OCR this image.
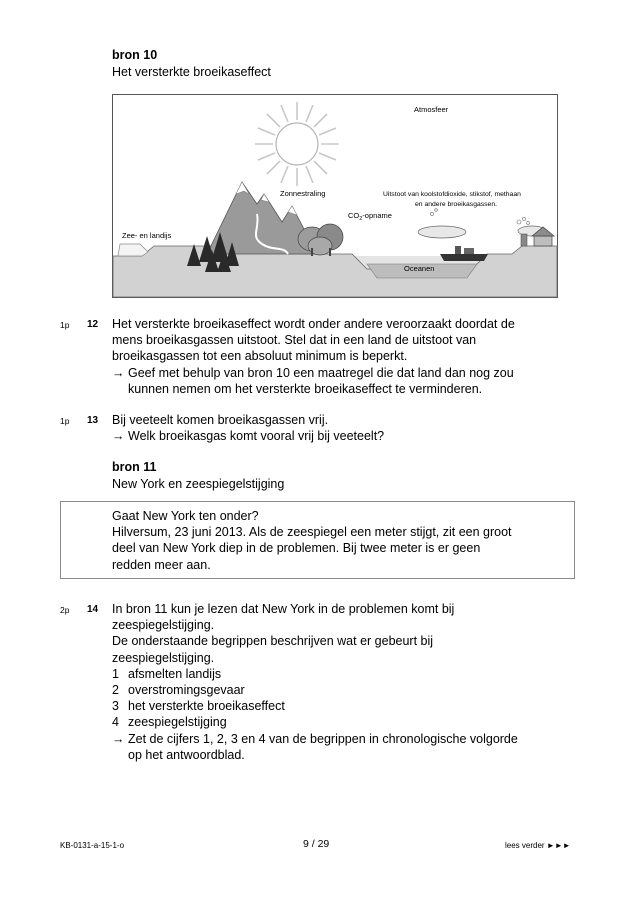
bron 10
Het versterkte broeikaseffect
Atmosfeer
Zonnestraling	Uitstoot van koolstofdioxide, stikstof, methaan
en andere broeikasgassen.
$CO_2$-opname
Zee- en landijs
Oceanen
1p 12 Het versterkte broeikaseffect wordt onder andere veroorzaakt doordat de
mens broeikasgassen uitstoot. Stel dat in een land de uitstoot van
broeikasgassen tot een absoluut minimum is beperkt.
→ Geef met behulp van bron 10 een maatregel die dat land dan nog zou
kunnen nemen om het versterkte broeikaseffect te verminderen.
1p 13 Bij veeteelt komen broeikasgassen vrij.
→ Welk broeikasgas komt vooral vrij bij veeteelt?
bron 11
New York en zeespiegelstijging
Gaat New York ten onder?
Hilversum, 23 juni 2013. Als de zeespiegel een meter stijgt, zit een groot
deel van New York diep in de problemen. Bij twee meter is er geen
redden meer aan.
2p 14 In bron 11 kun je lezen dat New York in de problemen komt bij
zeespiegelstijging.
De onderstaande begrippen beschrijven wat er gebeurt bij
zeespiegelstijging.
1 afsmelten landijs
2 overstromingsgevaar
3 het versterkte broeikaseffect
4 zeespiegelstijging
→ Zet de cijfers 1, 2, 3 en 4 van de begrippen in chronologische volgorde
op het antwoordblad.
KB-0131-a-15-1-o	9 / 29	lees verder ►►►
